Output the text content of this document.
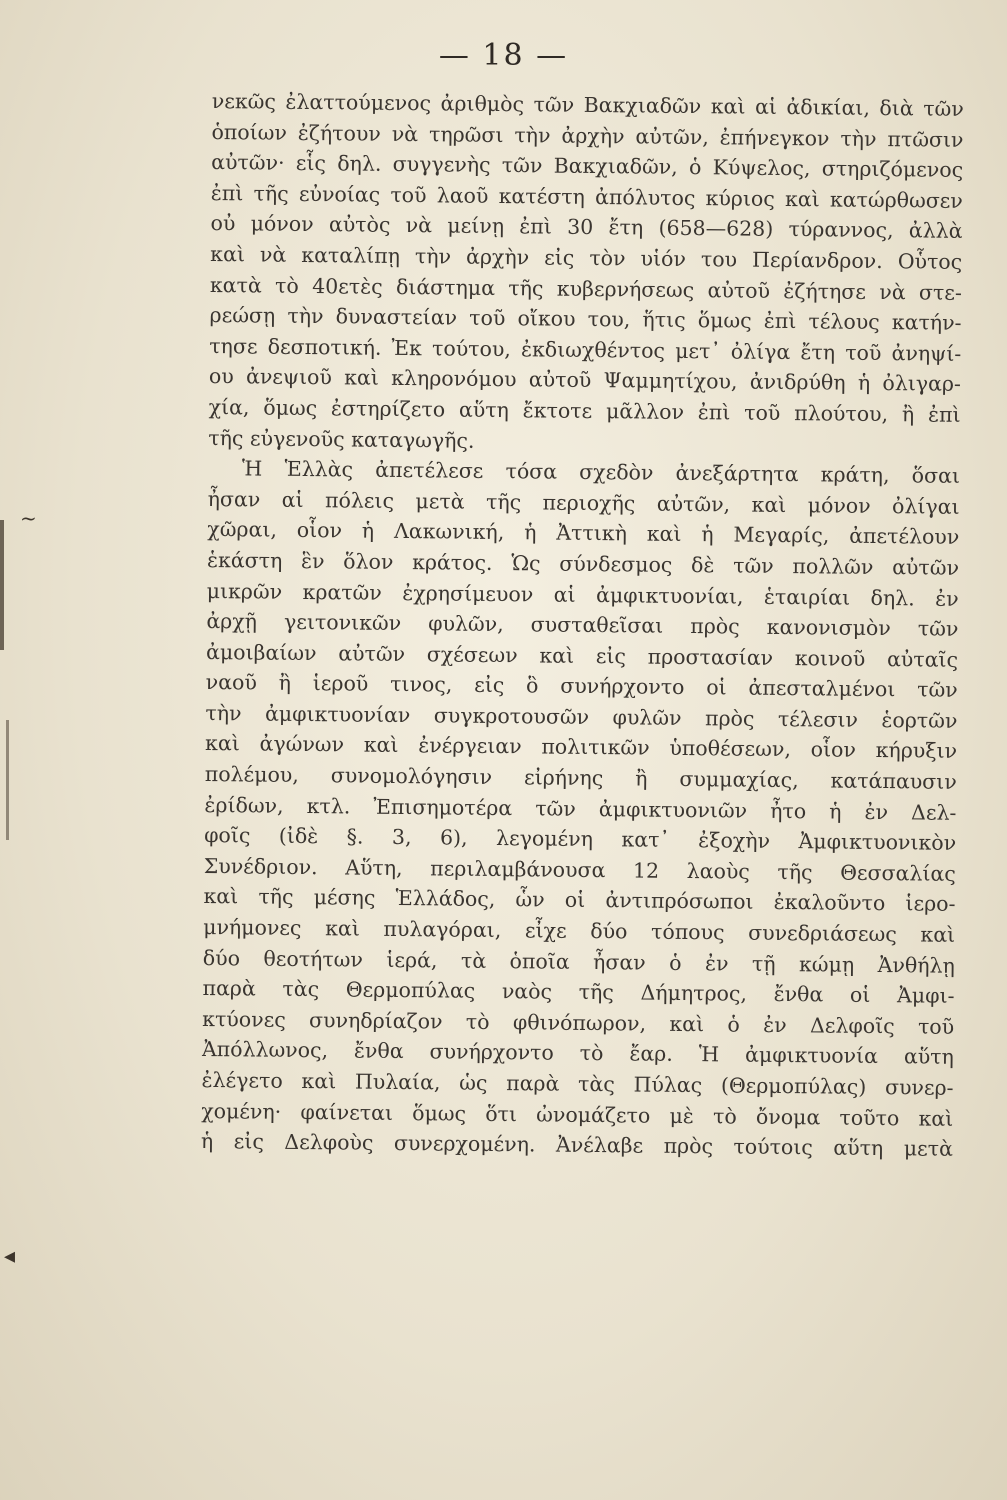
— 18 —
~
◂
νεκῶς ἐλαττούμενος ἀριθμὸς τῶν Βακχιαδῶν καὶ αἱ ἀδικίαι, διὰ τῶν
ὁποίων ἐζήτουν νὰ τηρῶσι τὴν ἀρχὴν αὐτῶν, ἐπήνεγκον τὴν πτῶσιν
αὐτῶν· εἷς δηλ. συγγενὴς τῶν Βακχιαδῶν, ὁ Κύψελος, στηριζόμενος
ἐπὶ τῆς εὐνοίας τοῦ λαοῦ κατέστη ἀπόλυτος κύριος καὶ κατώρθωσεν
οὐ μόνον αὐτὸς νὰ μείνῃ ἐπὶ 30 ἔτη (658—628) τύραννος, ἀλλὰ
καὶ νὰ καταλίπῃ τὴν ἀρχὴν εἰς τὸν υἱόν του Περίανδρον. Οὗτος
κατὰ τὸ 40ετὲς διάστημα τῆς κυβερνήσεως αὐτοῦ ἐζήτησε νὰ στε-
ρεώσῃ τὴν δυναστείαν τοῦ οἴκου του, ἥτις ὅμως ἐπὶ τέλους κατήν-
τησε δεσποτική. Ἐκ τούτου, ἐκδιωχθέντος μετ᾿ ὀλίγα ἔτη τοῦ ἀνηψί-
ου ἀνεψιοῦ καὶ κληρονόμου αὐτοῦ Ψαμμητίχου, ἀνιδρύθη ἡ ὀλιγαρ-
χία, ὅμως ἐστηρίζετο αὕτη ἔκτοτε μᾶλλον ἐπὶ τοῦ πλούτου, ἢ ἐπὶ
τῆς εὐγενοῦς καταγωγῆς.
Ἡ Ἑλλὰς ἀπετέλεσε τόσα σχεδὸν ἀνεξάρτητα κράτη, ὅσαι
ἦσαν αἱ πόλεις μετὰ τῆς περιοχῆς αὐτῶν, καὶ μόνον ὀλίγαι
χῶραι, οἷον ἡ Λακωνική, ἡ Ἀττικὴ καὶ ἡ Μεγαρίς, ἀπετέλουν
ἑκάστη ἓν ὅλον κράτος. Ὡς σύνδεσμος δὲ τῶν πολλῶν αὐτῶν
μικρῶν κρατῶν ἐχρησίμευον αἱ ἀμφικτυονίαι, ἑταιρίαι δηλ. ἐν
ἀρχῇ γειτονικῶν φυλῶν, συσταθεῖσαι πρὸς κανονισμὸν τῶν
ἀμοιβαίων αὐτῶν σχέσεων καὶ εἰς προστασίαν κοινοῦ αὐταῖς
ναοῦ ἢ ἱεροῦ τινος, εἰς ὃ συνήρχοντο οἱ ἀπεσταλμένοι τῶν
τὴν ἀμφικτυονίαν συγκροτουσῶν φυλῶν πρὸς τέλεσιν ἑορτῶν
καὶ ἀγώνων καὶ ἐνέργειαν πολιτικῶν ὑποθέσεων, οἷον κήρυξιν
πολέμου, συνομολόγησιν εἰρήνης ἢ συμμαχίας, κατάπαυσιν
ἐρίδων, κτλ. Ἐπισημοτέρα τῶν ἀμφικτυονιῶν ἦτο ἡ ἐν Δελ-
φοῖς (ἰδὲ §. 3, 6), λεγομένη κατ᾿ ἐξοχὴν Ἀμφικτυονικὸν
Συνέδριον. Αὕτη, περιλαμβάνουσα 12 λαοὺς τῆς Θεσσαλίας
καὶ τῆς μέσης Ἑλλάδος, ὧν οἱ ἀντιπρόσωποι ἐκαλοῦντο ἱερο-
μνήμονες καὶ πυλαγόραι, εἶχε δύο τόπους συνεδριάσεως καὶ
δύο θεοτήτων ἱερά, τὰ ὁποῖα ἦσαν ὁ ἐν τῇ κώμῃ Ἀνθήλῃ
παρὰ τὰς Θερμοπύλας ναὸς τῆς Δήμητρος, ἔνθα οἱ Ἀμφι-
κτύονες συνηδρίαζον τὸ φθινόπωρον, καὶ ὁ ἐν Δελφοῖς τοῦ
Ἀπόλλωνος, ἔνθα συνήρχοντο τὸ ἔαρ. Ἡ ἀμφικτυονία αὕτη
ἐλέγετο καὶ Πυλαία, ὡς παρὰ τὰς Πύλας (Θερμοπύλας) συνερ-
χομένη· φαίνεται ὅμως ὅτι ὠνομάζετο μὲ τὸ ὄνομα τοῦτο καὶ
ἡ εἰς Δελφοὺς συνερχομένη. Ἀνέλαβε πρὸς τούτοις αὕτη μετὰ
